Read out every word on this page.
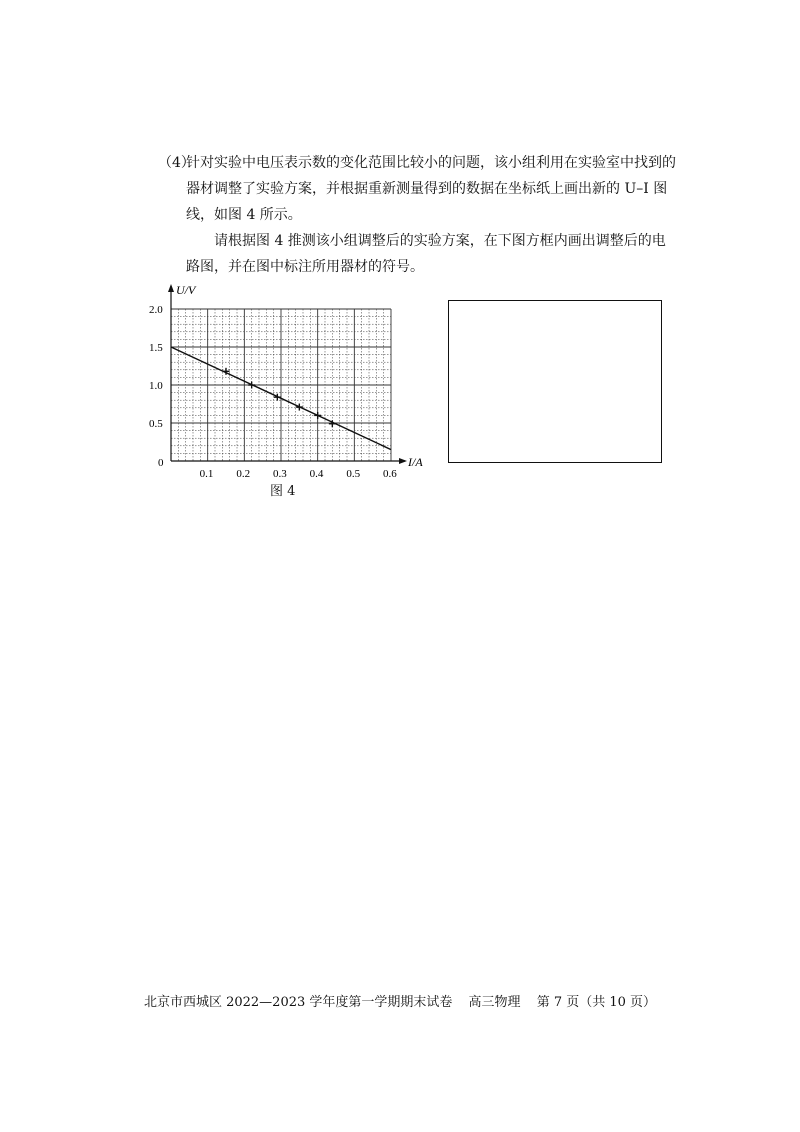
（4）针对实验中电压表示数的变化范围比较小的问题，该小组利用在实验室中找到的

器材调整了实验方案，并根据重新测量得到的数据在坐标纸上画出新的 U–I 图

线，如图 4 所示。

请根据图 4 推测该小组调整后的实验方案，在下图方框内画出调整后的电

路图，并在图中标注所用器材的符号。

0.1 0.2 0.3 0.4 0.5 0.6
0.5
1.0
1.5
2.0
U/V
I/A
0
图 4
北京市西城区 2022—2023 学年度第一学期期末试卷 高三物理 第 7 页（共 10 页）
